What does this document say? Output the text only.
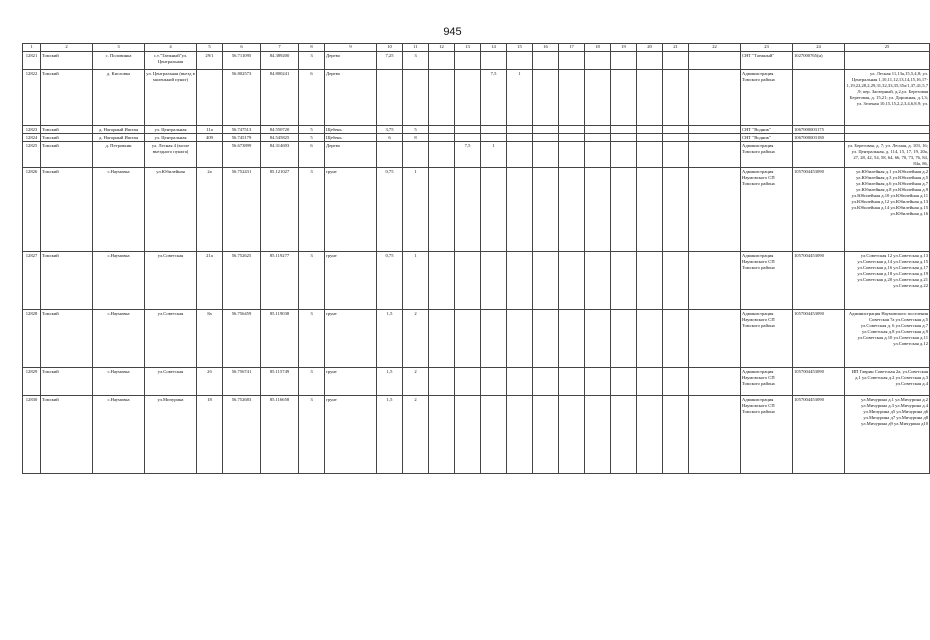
945
1	2	3	4	5	6	7	8	9	10	11	12	13	14	15	16	17	18	19	20	21	22	23	24	25
12821	Томский	с. Половинка	с.т."Таежный"ул. Центральная	29/1	56.711095	84.389200	3	Дерево	7,25	3												СНТ "Таежный"	1027000765(н)	
12822	Томский	д. Кисловка	ул. Центральная (въезд в маленький пункт)		56.802573	84.800241	6	Дерево					7,5	1								Администрация Томского района		ул. Лесная 11,13а,15,5,4,8; ул. Центральная 1,10,11,12,13,14,15,16,17-1,19,22,28,2,29,31,32,33,35,35а/1,37,41,5,7,9; пер. Заозерный, д.2,ул. Березовая Береговая, д. 15,21; ул. Дорожная, д.1,3; ул. Зеленая 10,15,15,2,2,3,4,6,8,9; ул.
12823	Томский	д. Нагорный Иштан	ул. Центральная	11а	56.747513	84.550720	5	Щебень	3,75	5												СНТ "Водник"	1067000003175	
12824	Томский	д. Нагорный Иштан	ул. Центральная	409	56.745179	84.545825	5	Щебень	6	8												СНТ "Водник"	1067000003180	
12825	Томский	д. Петровкин	ул. Лесная 4 (возле въездного пункта)		56.673899	84.314693	6	Дерево				7,5	1									Администрация Томского района		ул. Береговая, д. 7; ул. Лесная, д. 103, 16; ул. Центральная, д. 114, 15, 17, 19, 20а, 27, 28, 42, 54, 58, 64, 66, 70, 73, 76, 84, 84а, 86,
12826	Томский	с.Наумовка	ул.Юбилейная	2а	56.752431	85.121027	3	грунт	0,75	1												Администрация Наумовского СП Томского района	1057004453090	ул.Юбилейная д.1 ул.Юбилейная д.2 ул.Юбилейная д.3 ул.Юбилейная д.5 ул.Юбилейная д.6 ул.Юбилейная д.7 ул.Юбилейная д.8 ул.Юбилейная д.9 ул.Юбилейная д.10 ул.Юбилейная д.11 ул.Юбилейная д.12 ул.Юбилейная д.13 ул.Юбилейная д.14 ул.Юбилейная д.15 ул.Юбилейная д.16
12827	Томский	с.Наумовка	ул.Советская	21а	56.752625	85.119277	3	грунт	0,75	1												Администрация Наумовского СП Томского района	1057004453090	ул.Советская 12 ул.Советская д.13 ул.Советская д.14 ул.Советская д.15 ул.Советская д.16 ул.Советская д.17 ул.Советская д.18 ул.Советская д.19 ул.Советская д.20 ул.Советская д.21 ул.Советская д.22
12828	Томский	с.Наумовка	ул.Советская	8а	56.756459	85.119038	3	грунт	1,5	2												Администрация Наумовского СП Томского района	1057004453090	Администрация Наумовского поселения Советская 7а ул.Советская д.5 ул.Советская д. 6 ул.Советская д.7 ул.Советская д.8 ул.Советская д.9 ул.Советская д.10 ул.Советская д.11 ул.Советская д.12
12829	Томский	с.Наумовка	ул.Советская	2б	56.756741	85.115749	3	грунт	1,5	2												Администрация Наумовского СП Томского района	1057004453090	ИП Гаврин Советская 2а, ул.Советская д.1 ул.Советская д.2 ул.Советская д.3 ул.Советская д.4
12830	Томский	с.Наумовка	ул.Мичурина	18	56.752683	85.116658	3	грунт	1,5	2												Администрация Наумовского СП Томского района	1057004453090	ул.Мичурина д.1 ул.Мичурина д.2 ул.Мичурина д.3 ул.Мичурина д.4 ул.Мичурина д5 ул.Мичурина д6 ул.Мичурина д7 ул.Мичурина д8 ул.Мичурина д9 ул.Мичурина д10
